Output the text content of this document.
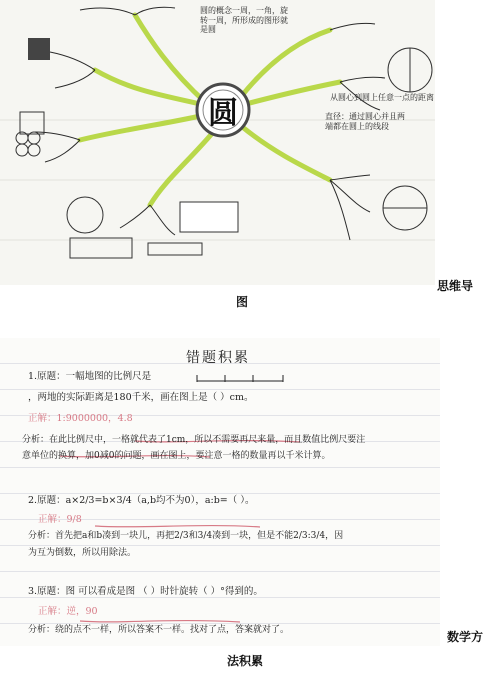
圆
圆的概念一周，一角，旋转一周，所形成的图形就是圆
从圆心到圆上任意一点的距离
直径：通过圆心并且两端都在圆上的线段

思维导

图

错题积累
1.原题：一幅地图的比例尺是
，两地的实际距离是180千米，画在图上是（ ）cm。
正解：1:9000000，4.8
分析：在此比例尺中，一格就代表了1cm，所以不需要再尺来量，而且数值比例尺要注
意单位的换算，加0减0的问题，画在图上，要注意一格的数量再以千米计算。
2.原题：a×2/3=b×3/4（a,b均不为0），a:b=（ ）。
正解：9/8
分析：首先把a和b凑到一块儿，再把2/3和3/4凑到一块，但是不能2/3:3/4，因
为互为倒数，所以用除法。
3.原题：图 可以看成是图 （ ）时针旋转（ ）°得到的。
正解：逆，90
分析：绕的点不一样，所以答案不一样。找对了点，答案就对了。	数学方

法积累
